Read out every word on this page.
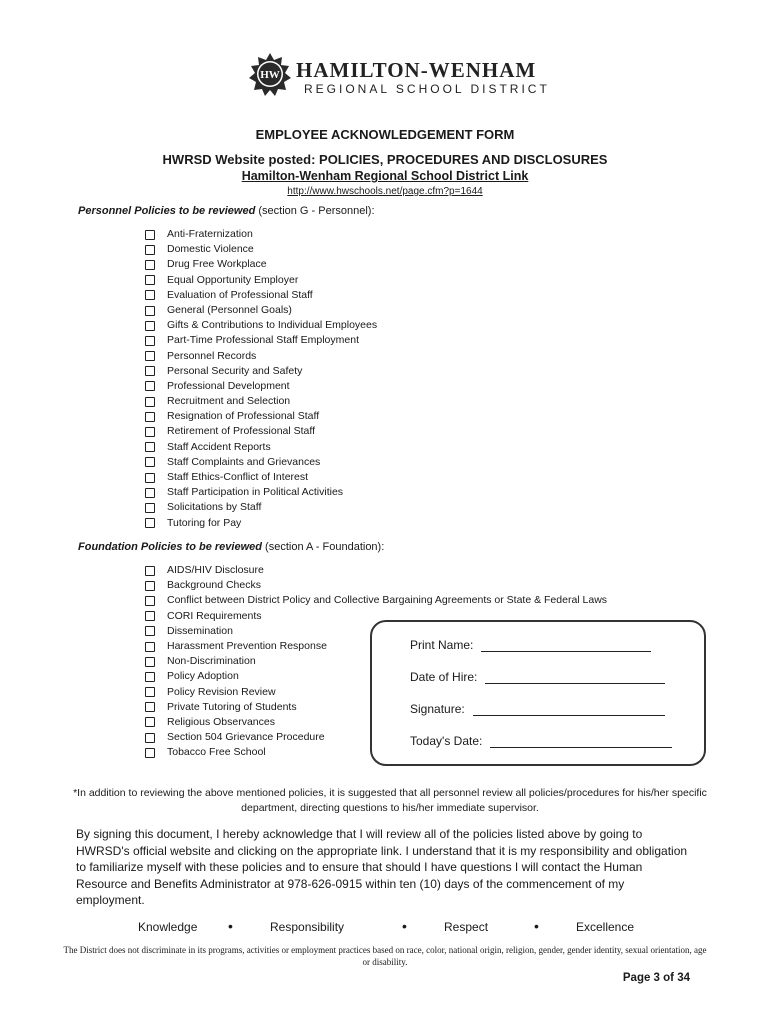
HW HAMILTON-WENHAM
REGIONAL SCHOOL DISTRICT
EMPLOYEE ACKNOWLEDGEMENT FORM
HWRSD Website posted: POLICIES, PROCEDURES AND DISCLOSURES
Hamilton-Wenham Regional School District Link
http://www.hwschools.net/page.cfm?p=1644
Personnel Policies to be reviewed (section G - Personnel):
Anti-Fraternization
Domestic Violence
Drug Free Workplace
Equal Opportunity Employer
Evaluation of Professional Staff
General (Personnel Goals)
Gifts & Contributions to Individual Employees
Part-Time Professional Staff Employment
Personnel Records
Personal Security and Safety
Professional Development
Recruitment and Selection
Resignation of Professional Staff
Retirement of Professional Staff
Staff Accident Reports
Staff Complaints and Grievances
Staff Ethics-Conflict of Interest
Staff Participation in Political Activities
Solicitations by Staff
Tutoring for Pay
Foundation Policies to be reviewed (section A - Foundation):
AIDS/HIV Disclosure
Background Checks
Conflict between District Policy and Collective Bargaining Agreements or State & Federal Laws
CORI Requirements
Dissemination
Harassment Prevention Response
Non-Discrimination
Policy Adoption
Policy Revision Review
Private Tutoring of Students
Religious Observances
Section 504 Grievance Procedure
Tobacco Free School
Print Name:
Date of Hire:
Signature:
Today's Date:
*In addition to reviewing the above mentioned policies, it is suggested that all personnel review all policies/procedures for his/her specific department, directing questions to his/her immediate supervisor.
By signing this document, I hereby acknowledge that I will review all of the policies listed above by going to HWRSD's official website and clicking on the appropriate link. I understand that it is my responsibility and obligation to familiarize myself with these policies and to ensure that should I have questions I will contact the Human Resource and Benefits Administrator at 978-626-0915 within ten (10) days of the commencement of my employment.
Knowledge •	Responsibility	•	Respect	•	Excellence
The District does not discriminate in its programs, activities or employment practices based on race, color, national origin, religion, gender, gender identity, sexual orientation, age or disability.
Page 3 of 34
